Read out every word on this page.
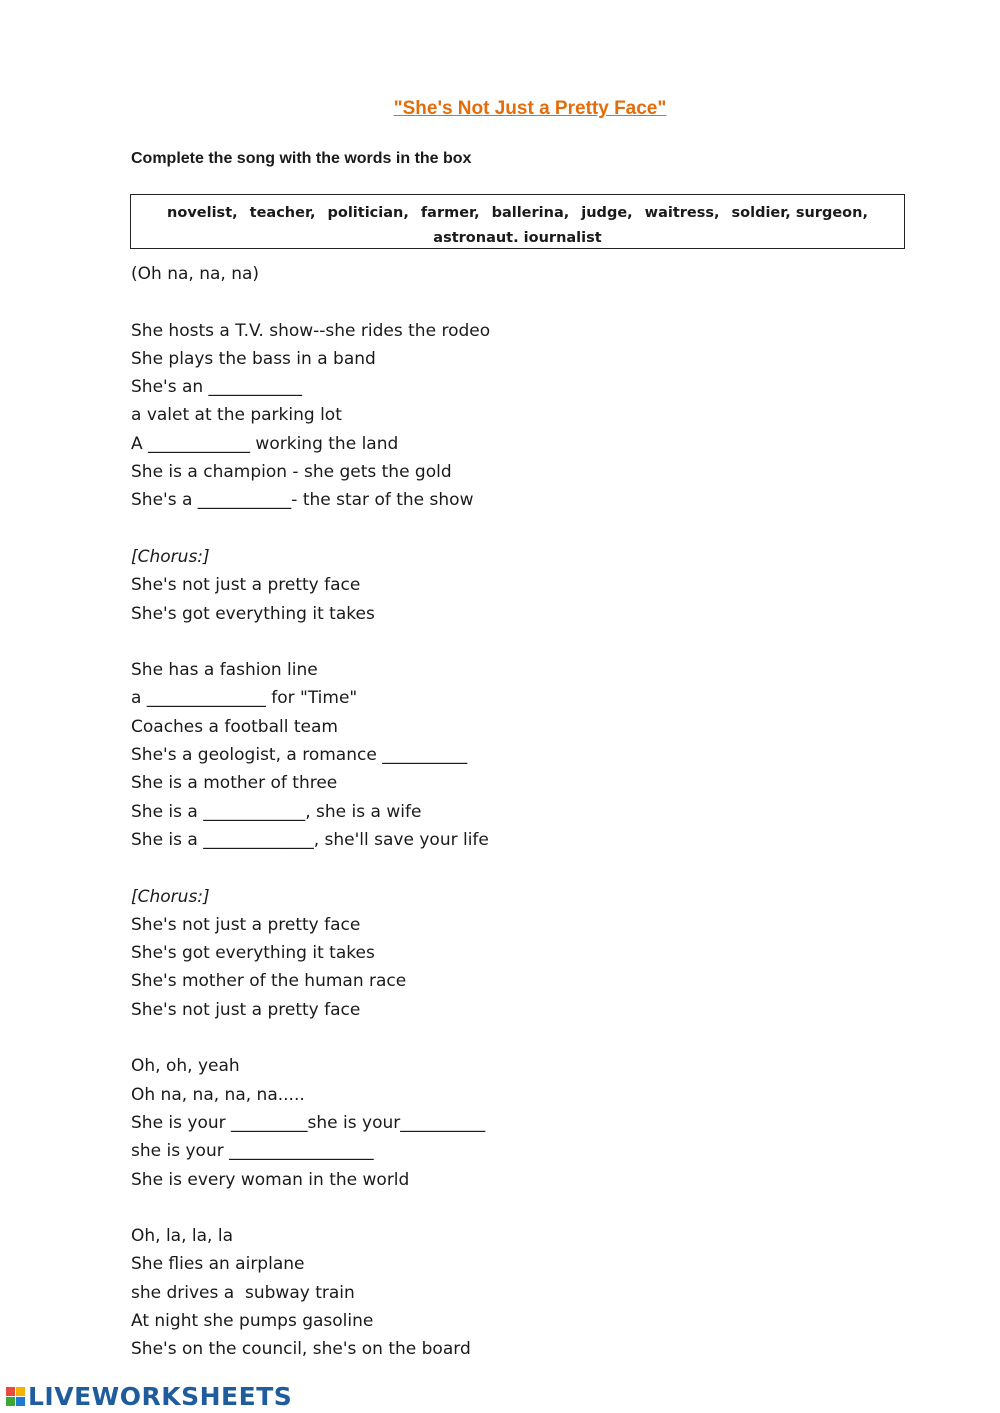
"She's Not Just a Pretty Face"
Complete the song with the words in the box
novelist, teacher, politician, farmer, ballerina, judge, waitress, soldier, surgeon,
astronaut. iournalist
(Oh na, na, na)
She hosts a T.V. show--she rides the rodeo
She plays the bass in a band
She's an ___________
a valet at the parking lot
A ____________ working the land
She is a champion - she gets the gold
She's a ___________- the star of the show
[Chorus:]
She's not just a pretty face
She's got everything it takes
She has a fashion line
a ______________ for "Time"
Coaches a football team
She's a geologist, a romance __________
She is a mother of three
She is a ____________, she is a wife
She is a _____________, she'll save your life
[Chorus:]
She's not just a pretty face
She's got everything it takes
She's mother of the human race
She's not just a pretty face
Oh, oh, yeah
Oh na, na, na, na.....
She is your _________she is your__________
she is your _________________
She is every woman in the world
Oh, la, la, la
She flies an airplane
she drives a  subway train
At night she pumps gasoline
She's on the council, she's on the board
LIVEWORKSHEETS
